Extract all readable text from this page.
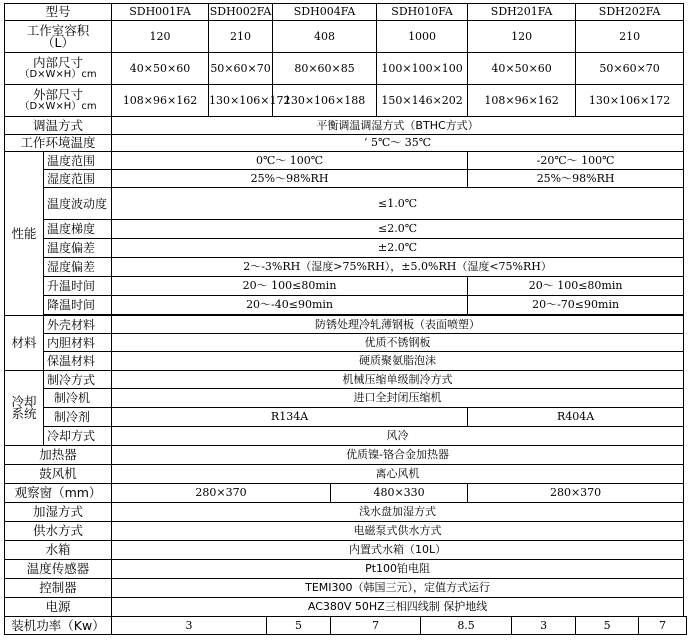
型号		SDH001FA	SDH002FA		SDH004FA		SDH010FA		SDH201FA		SDH202FA	

工作室容积
（L）		120	210		408		1000		120		210	

内部尺寸
（D×W×H）cm		40×50×60	50×60×70		80×60×85		100×100×100		40×50×60		50×60×70	

外部尺寸
（D×W×H）cm		108×96×162	130×106×172		130×106×188		150×146×202		108×96×162		130×106×172	
调温方式		平衡调温调湿方式（BTHC方式）										
工作环境温度		‘ 5℃～ 35℃										
性能	温度范围	0℃～ 100℃							-20℃～ 100℃			
	湿度范围	25%～98%RH							25%～98%RH			
	温度波动度	≤1.0℃										
	温度梯度	≤2.0℃										
	温度偏差	±2.0℃										
	湿度偏差	2～-3%RH（湿度>75%RH），±5.0%RH（湿度<75%RH）										
	升温时间	20～ 100≤80min							20～ 100≤80min			
	降温时间	20～-40≤90min							20～-70≤90min			

材料	外壳材料	防锈处理冷轧薄钢板（表面喷塑）										
	内胆材料	优质不锈钢板										
	保温材料	硬质聚氨脂泡沫										

冷却
系统	制冷方式	机械压缩单级制冷方式										
	制冷机	进口全封闭压缩机										
	制冷剂	R134A							R404A			
	冷却方式	风冷										
加热器		优质镍-铬合金加热器										
鼓风机		离心风机										
观察窗（mm）		280×370				480×330			280×370			
加湿方式		浅水盘加湿方式										
供水方式		电磁泵式供水方式										
水箱		内置式水箱（10L）										
温度传感器		Pt100铂电阻										
控制器		TEMI300（韩国三元），定值方式运行										
电源		AC380V 50HZ三相四线制 保护地线										
装机功率（Kw）		3		5		7		8.5		3	5	7
